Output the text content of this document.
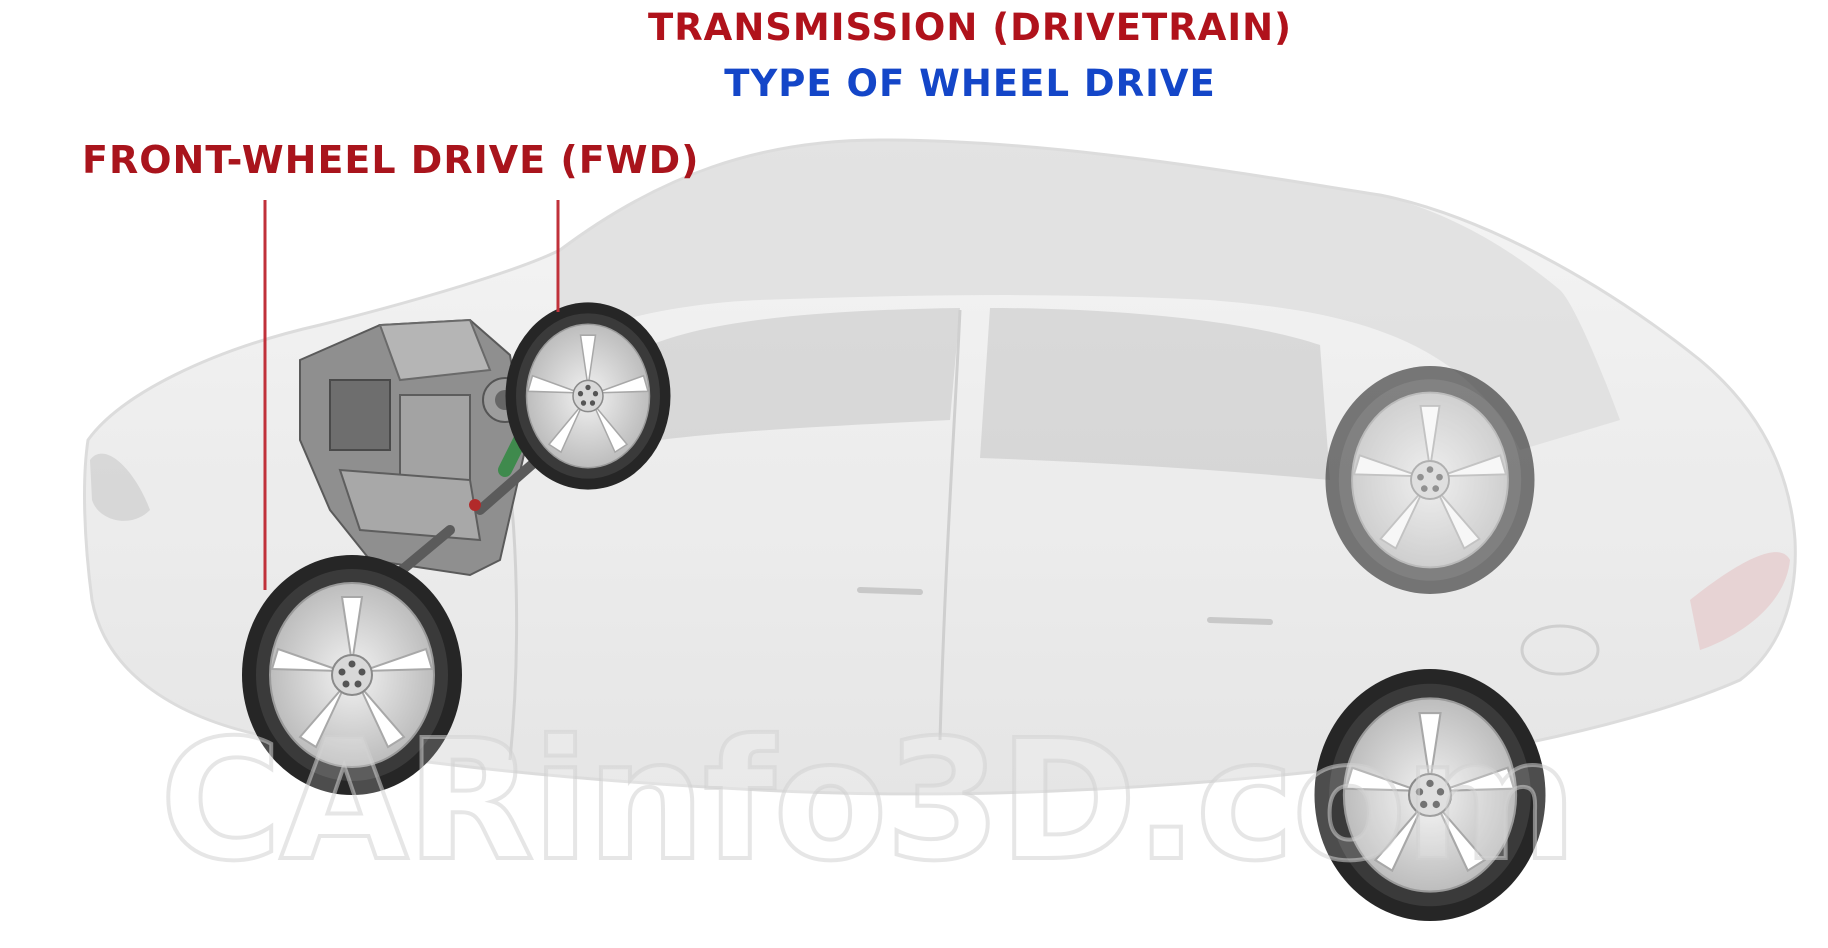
CARinfo3D.com
TRANSMISSION (DRIVETRAIN)
TYPE OF WHEEL DRIVE
FRONT-WHEEL DRIVE (FWD)
